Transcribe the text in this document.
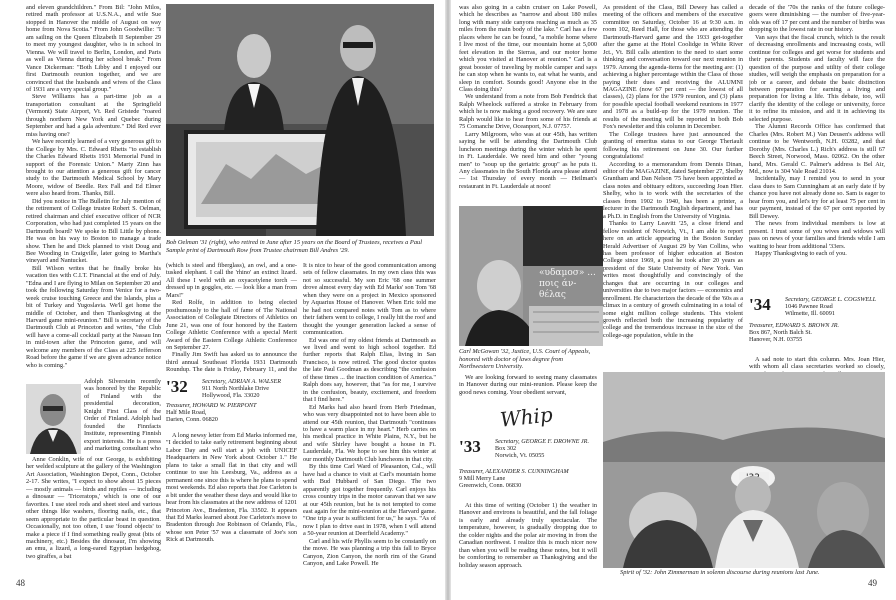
and eleven grandchildren." From Bil: "John Milos, retired math professor at U.S.N.A., and wife Sue stopped in Hanover the middle of August on way home from Nova Scotia." From John Goodwillie: "I am sailing on the Queen Elizabeth II September 29 to meet my youngest daughter, who is in school in Vienna. We will travel to Berlin, London, and Paris as well as Vienna during her school break." From Vance Dickerman: "Both Libby and I enjoyed our first Dartmouth reunion together, and we are convinced that the husbands and wives of the Class of 1931 are a very special group."

Steve Williams has a part-time job as a transportation consultant at the Springfield (Vermont) State Airport, Vt. Red Gristede "roared through northern New York and Quebec during September and had a gala adventure." Did Red ever miss having one?

We have recently learned of a very generous gift to the College by Mrs. C. Edward Rhetts "to establish the Charles Edward Rhetts 1931 Memorial Fund in support of the Forensic Union." Marty Zinn has brought to our attention a generous gift for cancer study to the Dartmouth Medical School by Mary Moore, widow of Beedle. Rex Fall and Ed Elmer were also heard from. Thanks, Bill.

Did you notice in The Bulletin for July mention of the retirement of College trustee Robert S. Oelman, retired chairman and chief executive officer of NCR Corporation, who had just completed 15 years on the Dartmouth board? We spoke to Bill Little by phone. He was on his way to Boston to manage a trade show. Then he and Dick planned to visit Doug and Bee Wooding in Craigville, later going to Martha's vineyard and Nantucket.

Bill Wilson writes that he finally broke his vacation ties with C.I.T. Financial at the end of July. "Edna and I are flying to Milan on September 20 and took the following Saturday from Venice for a two-week cruise touching Greece and the Islands, plus a bit of Turkey and Yugoslavia. We'll get home the middle of October, and then Thanksgiving at the Harvard game mini-reunion." Bill is secretary of the Dartmouth Club at Princeton and writes, "the Club will have a come-all cocktail party at the Nassau Inn in mid-town after the Princeton game, and will welcome any members of the Class at 225 Jefferson Road before the game if we are given advance notice who is coming."

Adolph Silverstein recently was honored by the Republic of Finland with the presidential decoration, Knight First Class of the Order of Finland. Adolph had founded the Finnfacts Institute, representing Finnish export interests. He is a press and marketing consultant who

Anne Conklin, wife of our George, is exhibiting her welded sculpture at the gallery of the Washington Art Association, Washington Depot, Conn., October 2-17. She writes, "I expect to show about 15 pieces — mostly animals — birds and reptiles — including a dinosaur — 'Triceratops,' which is one of our favorites. I use steel rods and sheet steel and various other things like washers, flooring nails, etc., that seem appropriate to the particular beast in question. Occasionally, not too often, I use 'found objects' to make a piece if I find something really great (bits of machinery, etc.) Besides the dinosaur, I'm showing an emu, a lizard, a long-eared Egyptian hedgehog, two giraffes, a bat

Bob Oelman '31 (right), who retired in June after 15 years on the Board of Trustees, receives a Paul Sample print of Dartmouth Row from Trustee chairman Bill Andres '29.

(which is steel and fiberglass), an owl, and a one-tusked elephant. I call the 'rhino' an extinct lizard. All these I weld with an oxyacetylene torch — dressed up in goggles, etc. — look like a man from Mars!"

Red Rolfe, in addition to being elected posthumously to the hall of fame of The National Association of Collegiate Directors of Athletics on June 21, was one of four honored by the Eastern College Athletic Conference with a special Merit Award of the Eastern College Athletic Conference on September 27.

Finally Jim Swift has asked us to announce the third annual Southeast Florida 1931 Dartmouth Roundup. The date is Friday, February 11, and the

'32 Secretary, ADRIAN A. WALSER
911 North Northlake Drive
Hollywood, Fla. 33020
Treasurer, HOWARD W. PIERPONT
Half Mile Road,
Darien, Conn. 06820

A long newsy letter from Ed Marks informed me, "I decided to take early retirement beginning about Labor Day and will start a job with UNICEF Headquarters in New York about October 1." He plans to take a small flat in that city and will continue to use his Leesburg, Va., address as a permanent one since this is where he plans to spend most weekends. Ed also reports that Joe Carleton is a bit under the weather these days and would like to hear from his classmates at the new address of 1201 Princeton Ave., Bradenton, Fla. 33502. It appears that Ed Marks learned about Joe Carleton's move to Bradenton through Joe Robinson of Orlando, Fla., whose son Peter '57 was a classmate of Joe's son Rick at Dartmouth.

It is nice to hear of the good communication among sets of fellow classmates. In my own class this was not so successful. My son Eric '68 one summer drove almost every day with Ed Marks' son Tom '68 when they were on a project in Mexico sponsored by Aquarius House of Hanover. When Eric told me he had not compared notes with Tom as to where their fathers went to college, I really hit the roof and thought the younger generation lacked a sense of communication.

Ed was one of my oldest friends at Dartmouth as we lived and went to high school together. Ed further reports that Ralph Elias, living in San Francisco, is now retired. The good doctor quotes the late Paul Goodman as describing "the confusion of these times ... the inaction condition of America." Ralph does say, however, that "as for me, I survive in the confusion, beauty, excitement, and freedom that I find here."

Ed Marks had also heard from Herb Friedman, who was very disappointed not to have been able to attend our 45th reunion, that Dartmouth "continues to have a warm place in my heart." Herb carries on his medical practice in White Plains, N.Y., but he and wife Shirley have bought a house in Ft. Lauderdale, Fla. We hope to see him this winter at our monthly Dartmouth Club luncheons in that city.

By this time Carl Ward of Pleasanton, Cal., will have had a chance to visit at Carl's mountain home with Bud Hubbard of San Diego. The two apparently got together frequently. Carl enjoys his cross country trips in the motor caravan that we saw at our 45th reunion, but he is not tempted to come east again for the mini-reunion at the Harvard game. "One trip a year is sufficient for us," he says. "As of now I plan to drive east in 1978, when I will attend a 50-year reunion at Deerfield Academy."

Carl and his wife Phyllis seem to be constantly on the move. He was planning a trip this fall to Bryce Canyon, Zion Canyon, the north rim of the Grand Canyon, and Lake Powell. He

48

was also going in a cabin cruiser on Lake Powell, which he describes as "narrow and about 180 miles long with many side canyons reaching as much as 35 miles from the main body of the lake." Carl has a few places where he can be found, "a mobile home where I live most of the time, our mountain home at 5,000 feet elevation in the Sierras, and our motor home which you visited at Hanover at reunion." Carl is a great booster of traveling by mobile camper and says he can stop when he wants to, eat what he wants, and sleep in comfort. Sounds good! Anyone else in the Class doing this?

We understand from a note from Bob Fendrick that Ralph Wheelock suffered a stroke in February from which he is now making a good recovery. We are sure Ralph would like to hear from some of his friends at 75 Comanche Drive, Oceanport, N.J. 07757.

Larry Milgroom, who was at our 45th, has written saying he will be attending the Dartmouth Club luncheon meetings during the winter which he spent in Ft. Lauderdale. We need him and other "young men" to "soup up the geriatric group" as he puts it. Any classmates in the South Florida area please attend — 1st Thursday of every month — Heilman's restaurant in Ft. Lauderdale at noon!

«υδαμοσ» ... ποις άν-θέλας
Carl McGowan '32, Justice, U.S. Court of Appeals, honored with doctor of laws degree from Northwestern University.

We are looking forward to seeing many classmates in Hanover during our mini-reunion. Please keep the good news coming. Your obedient servant,

Whip
'33 Secretary, GEORGE F. DROWNE JR.
Box 302
Norwich, Vt. 05055
Treasurer, ALEXANDER S. CUNNINGHAM
9 Mill Merry Lane
Greenwich, Conn. 06830

At this time of writing (October 1) the weather in Hanover and environs is beautiful, and the fall foliage is early and already truly spectacular. The temperature, however, is gradually dropping due to the colder nights and the polar air moving in from the Canadian northwest. I realize this is much nicer now than when you will be reading these notes, but it will be comforting to remember as Thanksgiving and the holiday season approach.

As president of the Class, Bill Dewey has called a meeting of the officers and members of the executive committee on Saturday, October 16 at 9:30 a.m. in room 102, Reed Hall, for those who are attending the Dartmouth-Harvard game and the 1933 get-together after the game at the Hotel Coolidge in White River Jct., Vt. Bill calls attention to the need to start some thinking and conversation toward our next reunion in 1979. Among the agenda-items for the meeting are: (1) achieving a higher percentage within the Class of those paying their dues and receiving the ALUMNI MAGAZINE (now 67 per cent — the lowest of all classes), (2) plans for the 1979 reunion, and (3) plans for possible special football weekend reunions in 1977 and 1978 as a build-up for the 1979 reunion. The results of the meeting will be reported in both Bob Fox's newsletter and this column in December.

The College trustees have just announced the granting of emeritus status to our George Theriault following his retirement on June 30. Our further congratulations!

According to a memorandum from Dennis Dinan, editor of the MAGAZINE, dated September 27, Shelby Grantham and Dan Nelson '75 have been appointed as class notes and obituary editors, succeeding Joan Hier. Shelby, who is to work with the secretaries of the classes from 1902 to 1940, has been a printer, a lecturer in the Dartmouth English department, and has a Ph.D. in English from the University of Virginia.

Thanks to Larry Leavitt '25, a close friend and fellow resident of Norwich, Vt., I am able to report here on an article appearing in the Boston Sunday Herald Advertiser of August 29 by Van Collins, who has been professor of higher education at Boston College since 1969, a post he took after 20 years as president of the State University of New York. Van writes most thoughtfully and convincingly of the changes that are occurring in our colleges and universities due to two major factors — economics and enrollment. He characterizes the decade of the '60s as a climax in a century of growth culminating in a total of some eight million college students. This violent growth reflected both the increasing popularity of college and the tremendous increase in the size of the college-age population, while in the

decade of the '70s the ranks of the future college-goers were diminishing — the number of five-year-olds was off 17 per cent and the number of births was dropping to the lowest rate in our history.

Van says that the fiscal crunch, which is the result of decreasing enrollments and increasing costs, will continue for colleges and get worse for students and their parents. Students and faculty will face the question of the purpose and utility of their college studies, will weigh the emphasis on preparation for a job or a career, and debate the basic distinction between preparation for earning a living and preparation for living a life. This debate, too, will clarify the identity of the college or university, force it to refine its mission, and aid it in achieving its selected purpose.

The Alumni Records Office has confirmed that Charles (Mrs. Robert M.) Van Deusen's address will continue to be Wentworth, N.H. 03282, and that Dorothy (Mrs. Charles L.) Rich's address is still 67 Beech Street, Norwood, Mass. 02062. On the other hand, Mrs. Gerald C. Palmer's address is Bel Air, Md., now is 304 Vale Road 21014.

Incidentally, may I remind you to send in your class dues to Sam Cunningham at an early date if by chance you have not already done so. Sam is eager to hear from you, and let's try for at least 75 per cent in our payment, instead of the 67 per cent reported by Bill Dewey.

The news from individual members is low at present. I trust some of you wives and widows will pass on news of your families and friends while I am waiting to hear from additional '33ers.

Happy Thanksgiving to each of you.

'34 Secretary, GEORGE L. COGSWELL
1046 Pawnee Road
Wilmette, Ill. 60091
Treasurer, EDWARD S. BROWN JR.
Box 867, North Balch St.
Hanover, N.H. 03755

A sad note to start this column. Mrs. Joan Hier, with whom all class secretaries worked so closely,

Spirit of '32: John Zimmerman in solemn discourse during reunions last June.
49
